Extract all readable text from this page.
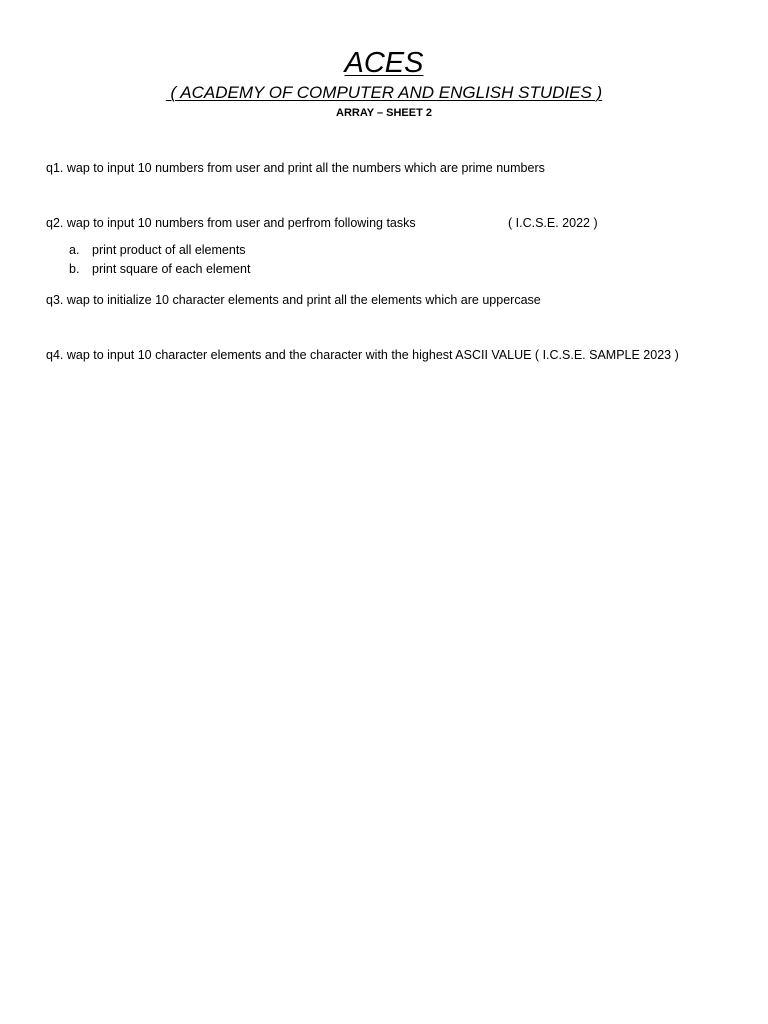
ACES
( ACADEMY OF COMPUTER AND ENGLISH STUDIES )
ARRAY – SHEET 2
q1. wap to input 10 numbers from user and print all the numbers which are prime numbers
q2. wap to input 10 numbers from user and perfrom following tasks	( I.C.S.E. 2022 )
a. print product of all elements
b. print square of each element
q3. wap to initialize 10 character elements and print all the elements which are uppercase
q4. wap to input 10 character elements and the character with the highest ASCII VALUE ( I.C.S.E. SAMPLE 2023 )
